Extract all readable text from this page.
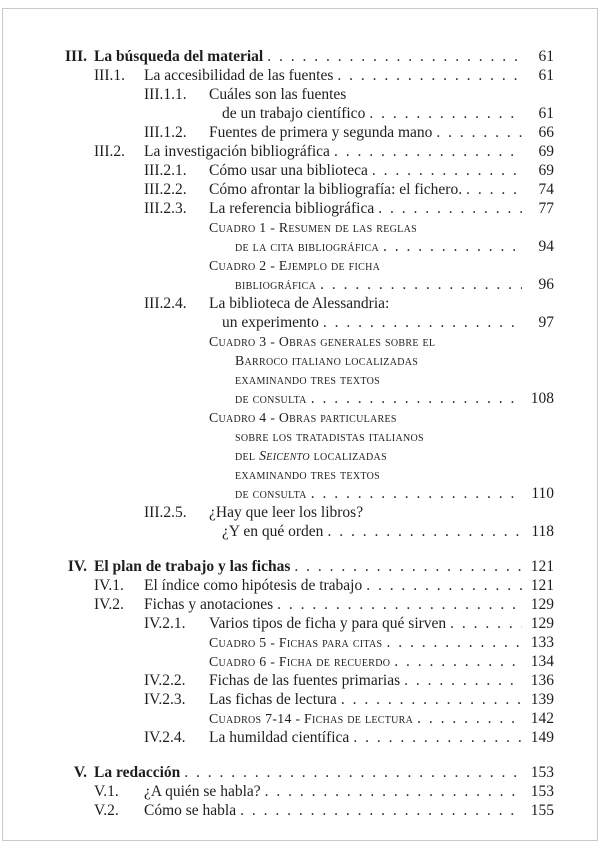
III. La búsqueda del material . . .	61
III.1.	La accesibilidad de las fuentes . . .	61
III.1.1.	Cuáles son las fuentes
de un trabajo científico . . .	61
III.1.2.	Fuentes de primera y segunda mano . . .	66
III.2.	La investigación bibliográfica . . .	69
III.2.1.	Cómo usar una biblioteca . . .	69
III.2.2.	Cómo afrontar la bibliografía: el fichero. . . .	74
III.2.3.	La referencia bibliográfica . . .	77
Cuadro 1 - Resumen de las reglas
de la cita bibliográfica . . .	94
Cuadro 2 - Ejemplo de ficha
bibliográfica . . .	96
III.2.4.	La biblioteca de Alessandria:
un experimento . . .	97
Cuadro 3 - Obras generales sobre el
Barroco italiano localizadas
examinando tres textos
de consulta . . .	108
Cuadro 4 - Obras particulares
sobre los tratadistas italianos
del Seicento localizadas
examinando tres textos
de consulta . . .	110
III.2.5.	¿Hay que leer los libros?
¿Y en qué orden . . .	118
IV. El plan de trabajo y las fichas . . .	121
IV.1.	El índice como hipótesis de trabajo . . .	121
IV.2.	Fichas y anotaciones . . .	129
IV.2.1.	Varios tipos de ficha y para qué sirven . . .	129
Cuadro 5 - Fichas para citas . . .	133
Cuadro 6 - Ficha de recuerdo . . .	134
IV.2.2.	Fichas de las fuentes primarias . . .	136
IV.2.3.	Las fichas de lectura . . .	139
Cuadros 7-14 - Fichas de lectura . . .	142
IV.2.4.	La humildad científica . . .	149
V. La redacción . . .	153
V.1.	¿A quién se habla? . . .	153
V.2.	Cómo se habla . . .	155
